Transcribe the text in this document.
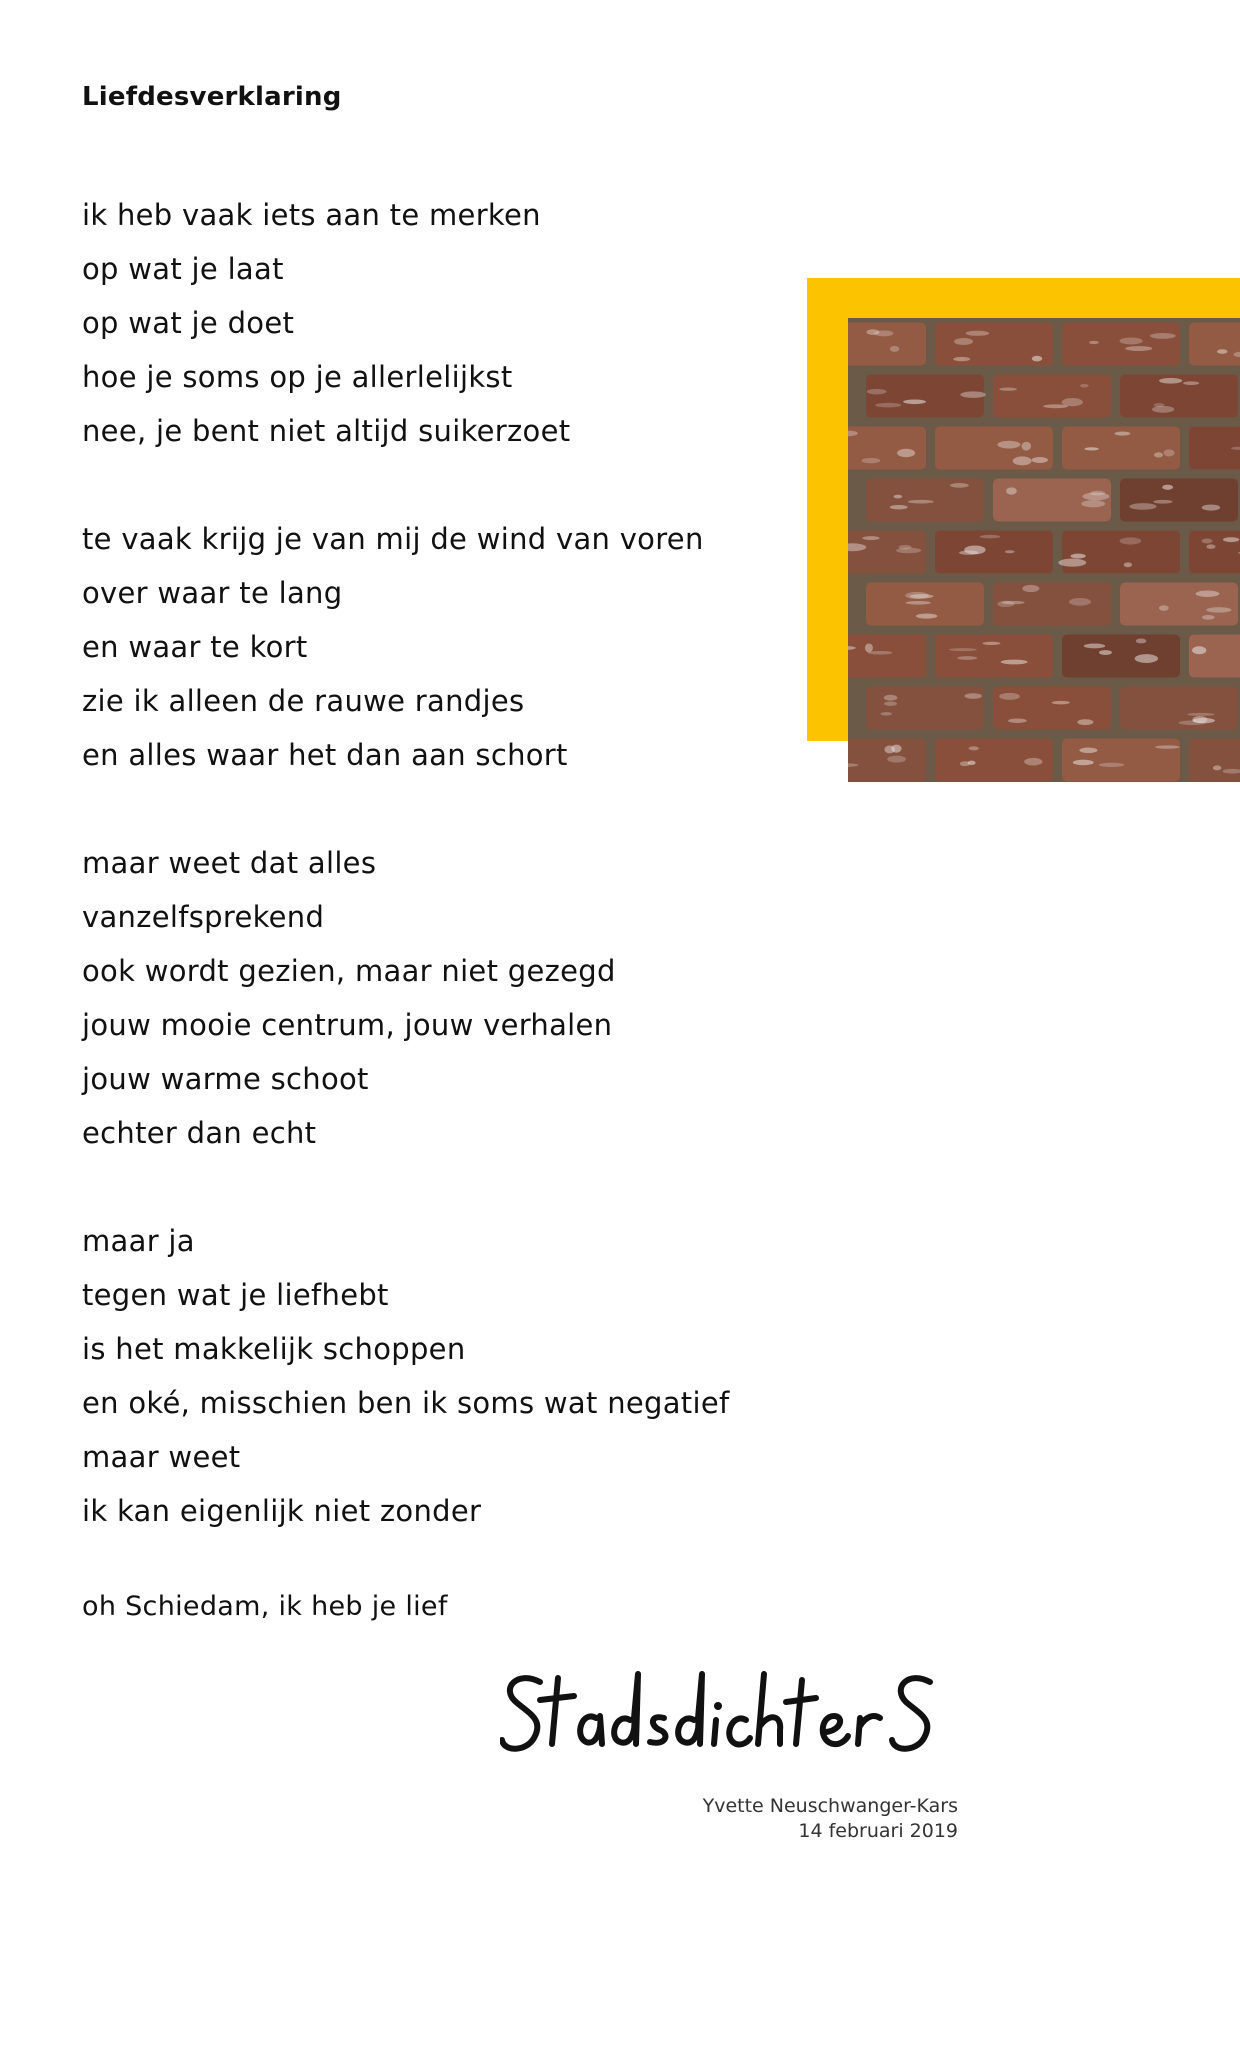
Liefdesverklaring
ik heb vaak iets aan te merken
op wat je laat
op wat je doet
hoe je soms op je allerlelijkst
nee, je bent niet altijd suikerzoet
te vaak krijg je van mij de wind van voren
over waar te lang
en waar te kort
zie ik alleen de rauwe randjes
en alles waar het dan aan schort
maar weet dat alles
vanzelfsprekend
ook wordt gezien, maar niet gezegd
jouw mooie centrum, jouw verhalen
jouw warme schoot
echter dan echt
maar ja
tegen wat je liefhebt
is het makkelijk schoppen
en oké, misschien ben ik soms wat negatief
maar weet
ik kan eigenlijk niet zonder
oh Schiedam, ik heb je lief
Yvette Neuschwanger-Kars
14 februari 2019
